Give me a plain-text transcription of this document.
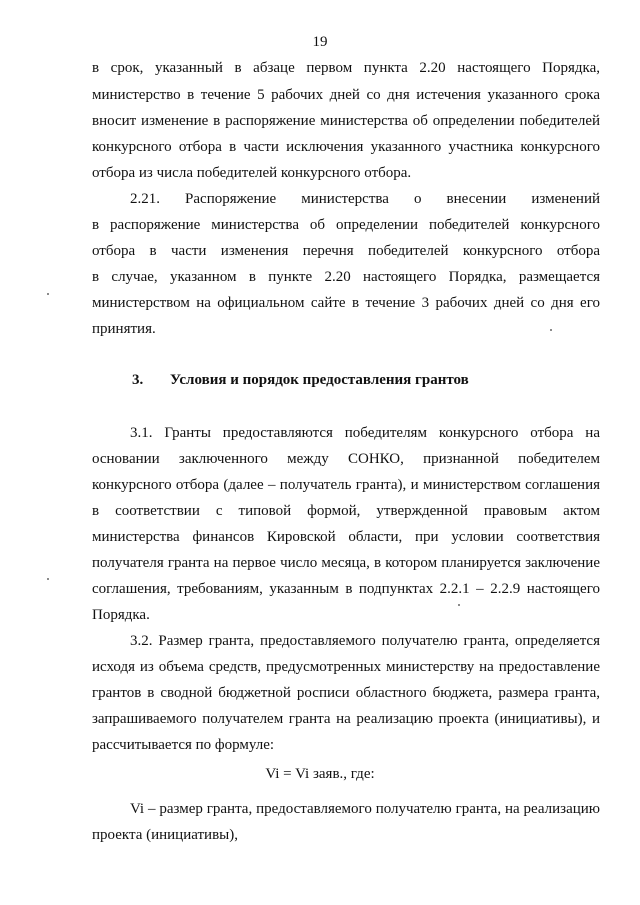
19
в срок, указанный в абзаце первом пункта 2.20 настоящего Порядка,
министерство в течение 5 рабочих дней со дня истечения указанного срока
вносит изменение в распоряжение министерства об определении победителей
конкурсного отбора в части исключения указанного участника конкурсного
отбора из числа победителей конкурсного отбора.
2.21. Распоряжение министерства о внесении изменений
в распоряжение министерства об определении победителей конкурсного
отбора в части изменения перечня победителей конкурсного отбора
в случае, указанном в пункте 2.20 настоящего Порядка, размещается
министерством на официальном сайте в течение 3 рабочих дней со дня его
принятия.
3. Условия и порядок предоставления грантов
3.1. Гранты предоставляются победителям конкурсного отбора на
основании заключенного между СОНКО, признанной победителем
конкурсного отбора (далее – получатель гранта), и министерством соглашения
в соответствии с типовой формой, утвержденной правовым актом
министерства финансов Кировской области, при условии соответствия
получателя гранта на первое число месяца, в котором планируется заключение
соглашения, требованиям, указанным в подпунктах 2.2.1 – 2.2.9 настоящего
Порядка.
3.2. Размер гранта, предоставляемого получателю гранта, определяется
исходя из объема средств, предусмотренных министерству на предоставление
грантов в сводной бюджетной росписи областного бюджета, размера гранта,
запрашиваемого получателем гранта на реализацию проекта (инициативы), и
рассчитывается по формуле:
Vi = Vi заяв., где:
Vi – размер гранта, предоставляемого получателю гранта, на реализацию
проекта (инициативы),
